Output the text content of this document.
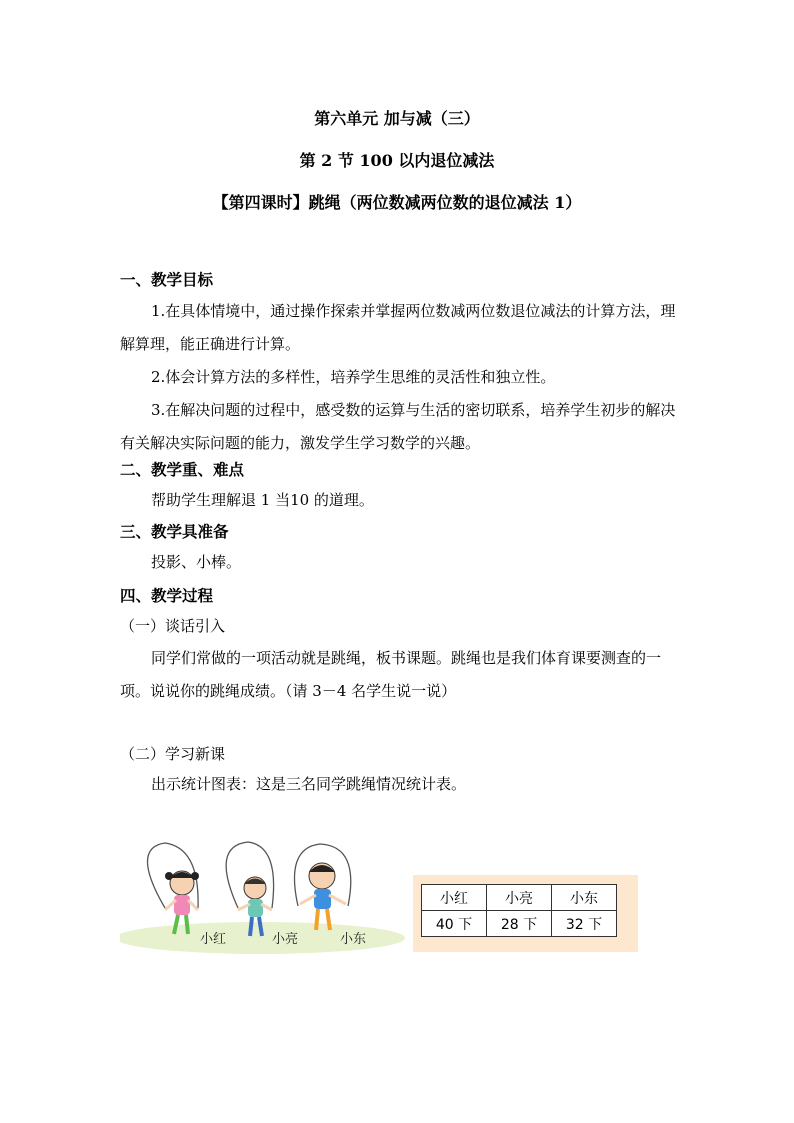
第六单元 加与减（三）
第 2 节 100 以内退位减法
【第四课时】跳绳（两位数减两位数的退位减法 1）
一、教学目标
1.在具体情境中，通过操作探索并掌握两位数减两位数退位减法的计算方法，理解算理，能正确进行计算。
2.体会计算方法的多样性，培养学生思维的灵活性和独立性。
3.在解决问题的过程中，感受数的运算与生活的密切联系，培养学生初步的解决有关解决实际问题的能力，激发学生学习数学的兴趣。
二、教学重、难点
帮助学生理解退 1 当10 的道理。
三、教学具准备
投影、小棒。
四、教学过程
（一）谈话引入
同学们常做的一项活动就是跳绳，板书课题。跳绳也是我们体育课要测查的一项。说说你的跳绳成绩。（请 3－4 名学生说一说）
（二）学习新课
出示统计图表：这是三名同学跳绳情况统计表。
小红	小亮	小东
小红	小亮	小东
40 下	28 下	32 下
